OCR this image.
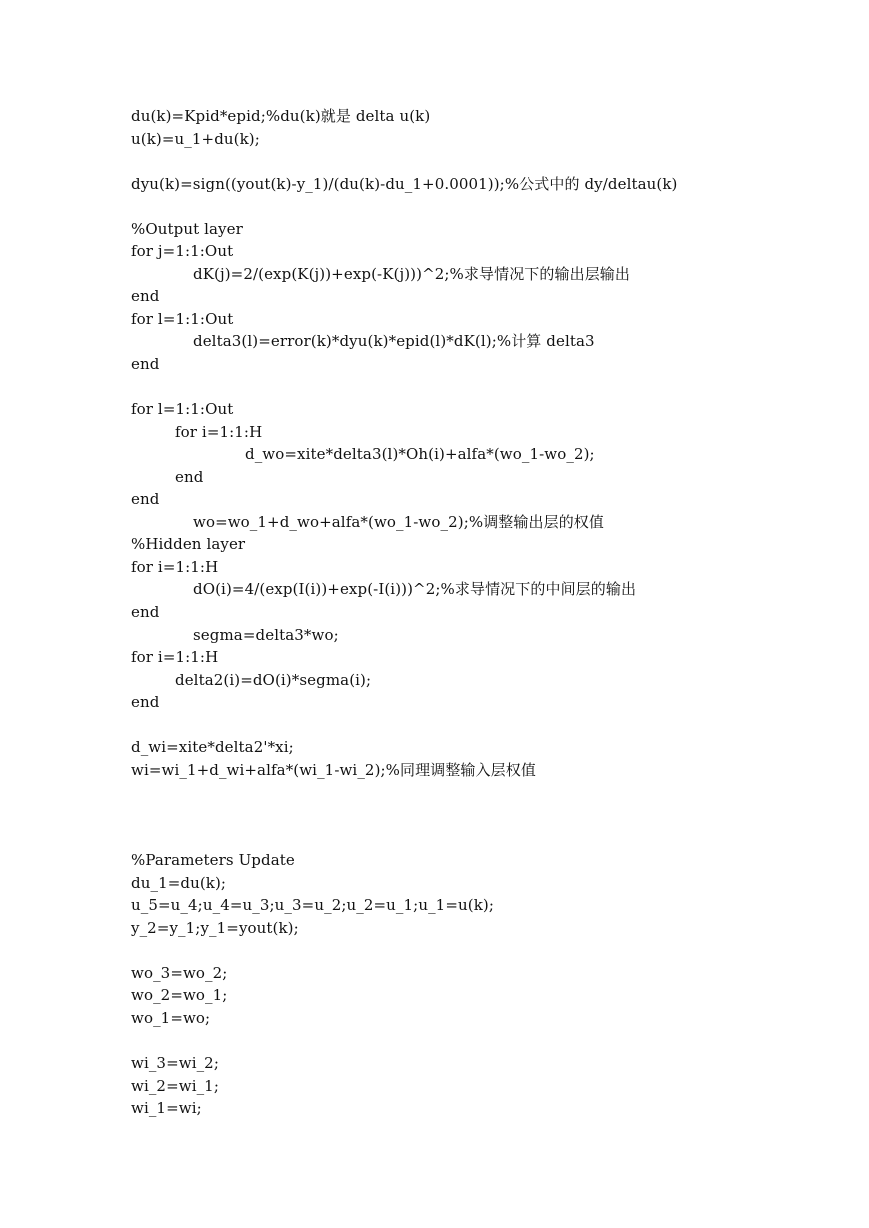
du(k)=Kpid*epid;%du(k)就是 delta u(k)
u(k)=u_1+du(k);
dyu(k)=sign((yout(k)-y_1)/(du(k)-du_1+0.0001));%公式中的 dy/deltau(k)
%Output layer
for j=1:1:Out
dK(j)=2/(exp(K(j))+exp(-K(j)))^2;%求导情况下的输出层输出
end
for l=1:1:Out
delta3(l)=error(k)*dyu(k)*epid(l)*dK(l);%计算 delta3
end
for l=1:1:Out
for i=1:1:H
d_wo=xite*delta3(l)*Oh(i)+alfa*(wo_1-wo_2);
end
end
wo=wo_1+d_wo+alfa*(wo_1-wo_2);%调整输出层的权值
%Hidden layer
for i=1:1:H
dO(i)=4/(exp(I(i))+exp(-I(i)))^2;%求导情况下的中间层的输出
end
segma=delta3*wo;
for i=1:1:H
delta2(i)=dO(i)*segma(i);
end
d_wi=xite*delta2'*xi;
wi=wi_1+d_wi+alfa*(wi_1-wi_2);%同理调整输入层权值
%Parameters Update
du_1=du(k);
u_5=u_4;u_4=u_3;u_3=u_2;u_2=u_1;u_1=u(k);
y_2=y_1;y_1=yout(k);
wo_3=wo_2;
wo_2=wo_1;
wo_1=wo;
wi_3=wi_2;
wi_2=wi_1;
wi_1=wi;
